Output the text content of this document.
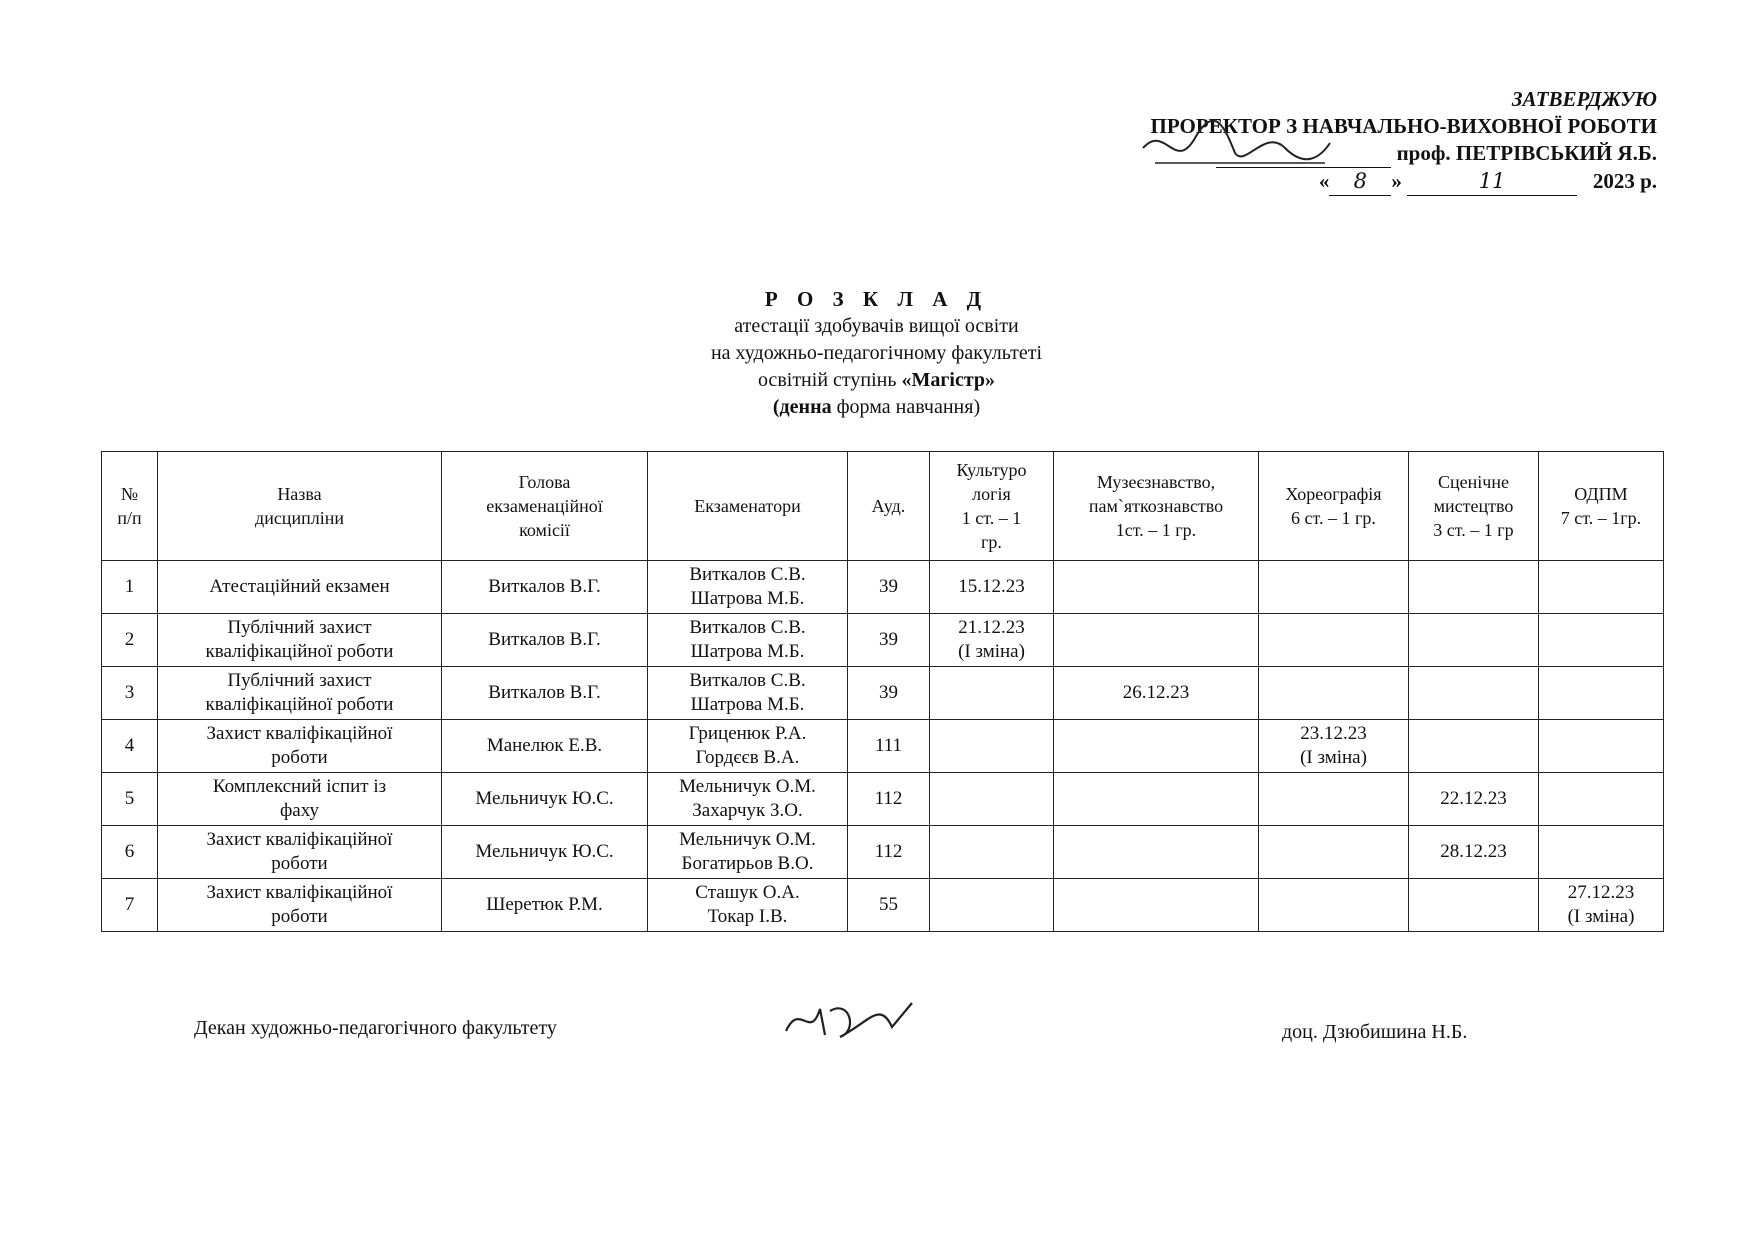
ЗАТВЕРДЖУЮ
ПРОРЕКТОР З НАВЧАЛЬНО-ВИХОВНОЇ РОБОТИ
проф. ПЕТРІВСЬКИЙ Я.Б.
« 8 »	11	2023 р.
Р О З К Л А Д
атестації здобувачів вищої освіти
на художньо-педагогічному факультеті
освітній ступінь «Магістр»
(денна форма навчання)
№
п/п	Назва
дисципліни	Голова
екзаменаційної
комісії	Екзаменатори	Ауд.	Культуро
логія
1 ст. – 1
гр.	Музеєзнавство,
пам`яткознавство
1ст. – 1 гр.	Хореографія
6 ст. – 1 гр.	Сценічне
мистецтво
3 ст. – 1 гр	ОДПМ
7 ст. – 1гр.
1	Атестаційний екзамен	Виткалов В.Г.	Виткалов С.В.
Шатрова М.Б.	39	15.12.23				
2	Публічний захист
кваліфікаційної роботи	Виткалов В.Г.	Виткалов С.В.
Шатрова М.Б.	39	21.12.23
(І зміна)				
3	Публічний захист
кваліфікаційної роботи	Виткалов В.Г.	Виткалов С.В.
Шатрова М.Б.	39		26.12.23			
4	Захист кваліфікаційної
роботи	Манелюк Е.В.	Гриценюк Р.А.
Гордєєв В.А.	111			23.12.23
(І зміна)		
5	Комплексний іспит із
фаху	Мельничук Ю.С.	Мельничук О.М.
Захарчук З.О.	112				22.12.23	
6	Захист кваліфікаційної
роботи	Мельничук Ю.С.	Мельничук О.М.
Богатирьов В.О.	112				28.12.23	
7	Захист кваліфікаційної
роботи	Шеретюк Р.М.	Сташук О.А.
Токар І.В.	55					27.12.23
(І зміна)
Декан художньо-педагогічного факультету	доц. Дзюбишина Н.Б.
